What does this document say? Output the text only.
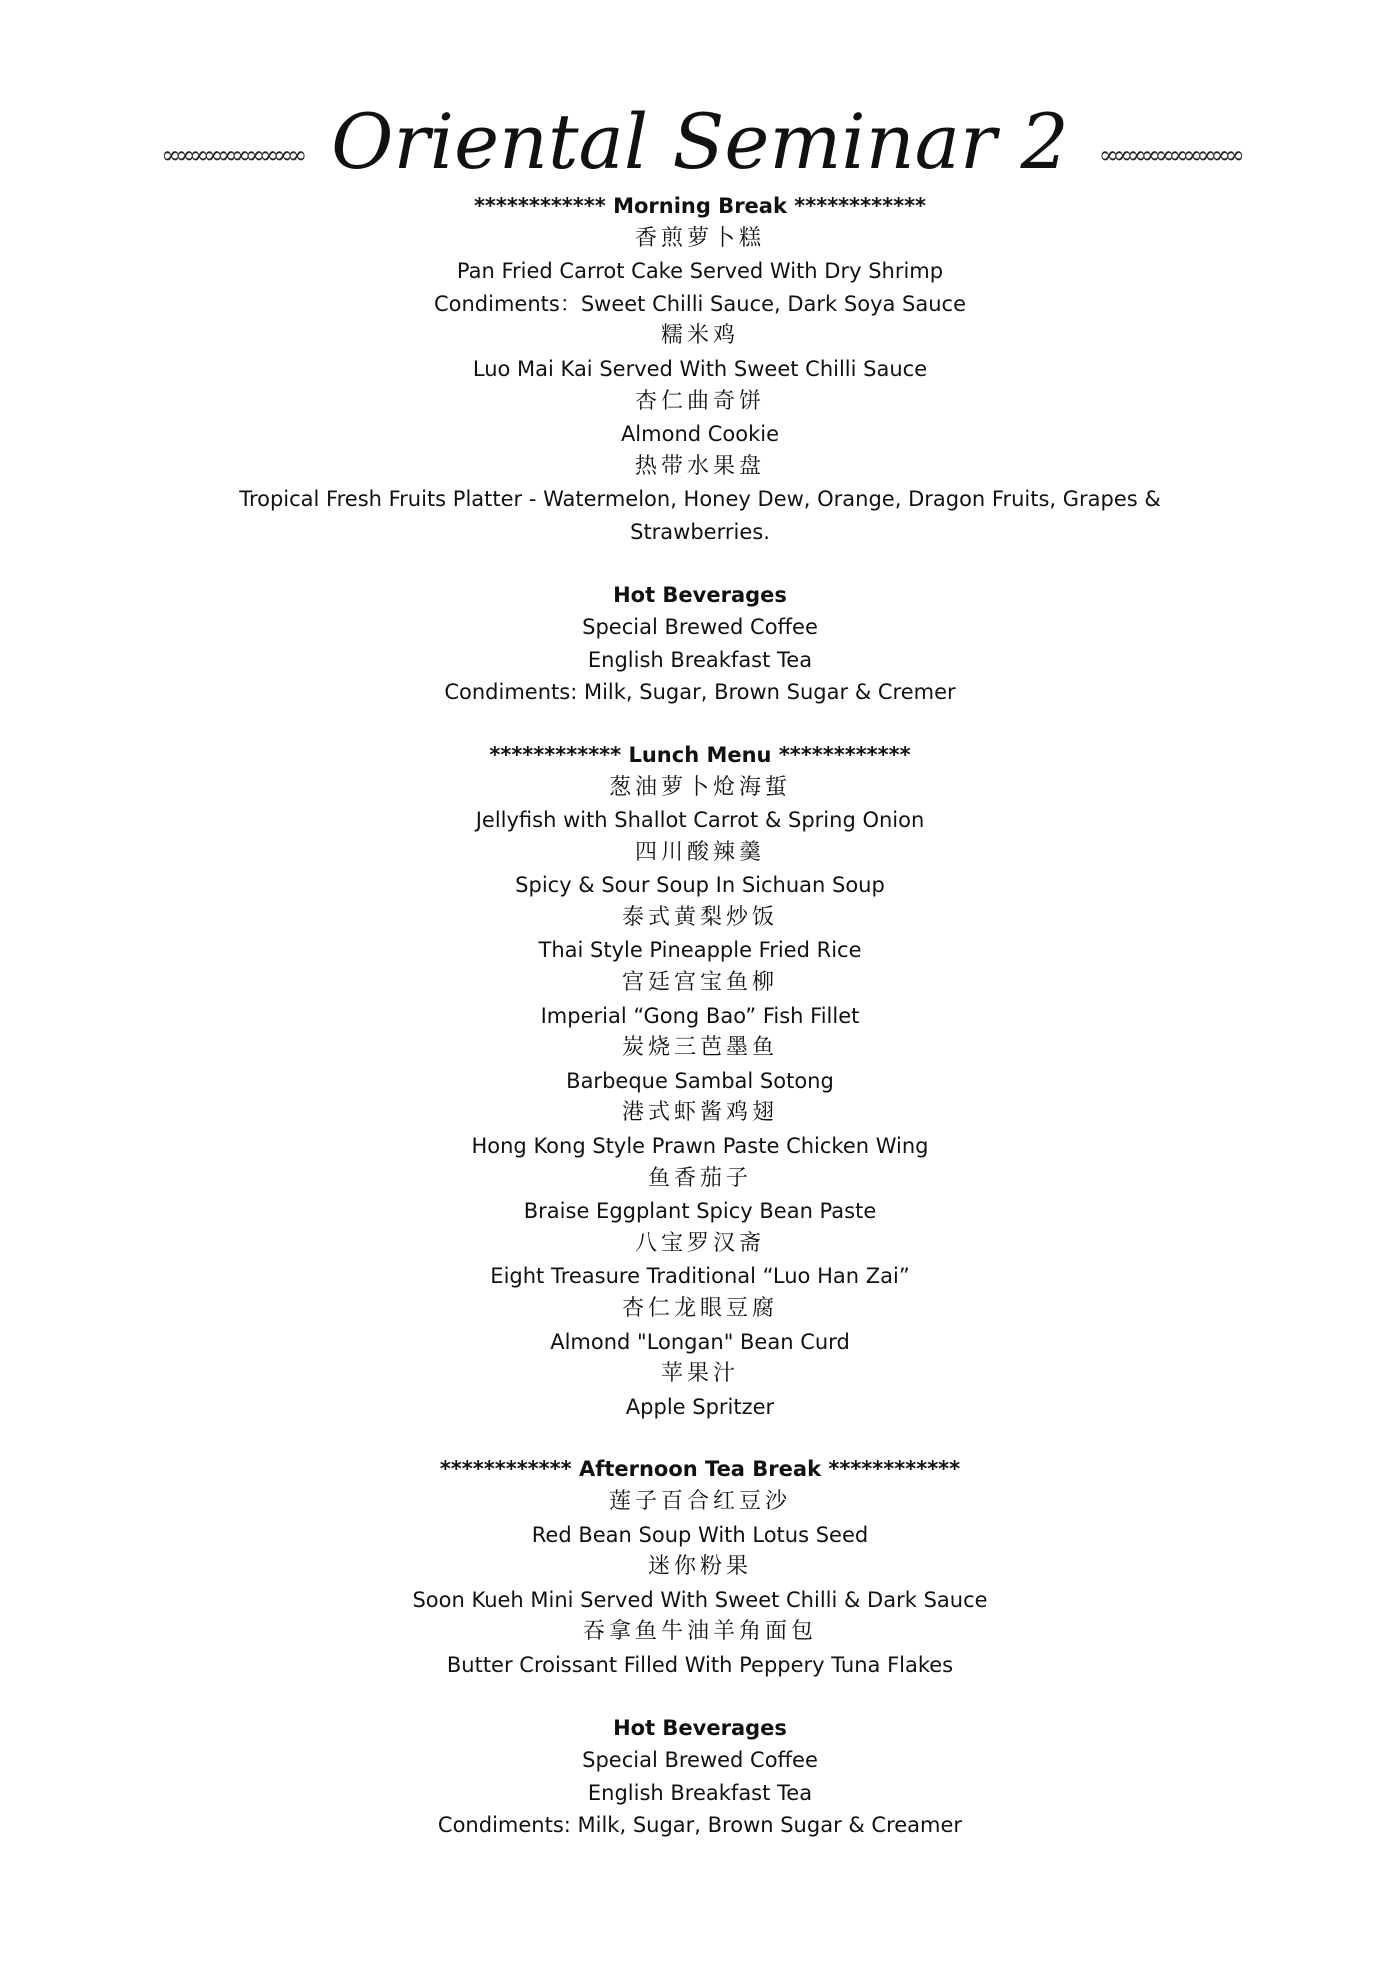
∞∞∞∞∞∞∞∞∞∞ Oriental Seminar 2 ∞∞∞∞∞∞∞∞∞∞
************ Morning Break ************
香煎萝卜糕
Pan Fried Carrot Cake Served With Dry Shrimp
Condiments：Sweet Chilli Sauce, Dark Soya Sauce
糯米鸡
Luo Mai Kai Served With Sweet Chilli Sauce
杏仁曲奇饼
Almond Cookie
热带水果盘
Tropical Fresh Fruits Platter - Watermelon, Honey Dew, Orange, Dragon Fruits, Grapes & Strawberries.
Hot Beverages
Special Brewed Coffee
English Breakfast Tea
Condiments: Milk, Sugar, Brown Sugar & Cremer
************ Lunch Menu ************
葱油萝卜炝海蜇
Jellyfish with Shallot Carrot & Spring Onion
四川酸辣羹
Spicy & Sour Soup In Sichuan Soup
泰式黄梨炒饭
Thai Style Pineapple Fried Rice
宫廷宫宝鱼柳
Imperial “Gong Bao” Fish Fillet
炭烧三芭墨鱼
Barbeque Sambal Sotong
港式虾酱鸡翅
Hong Kong Style Prawn Paste Chicken Wing
鱼香茄子
Braise Eggplant Spicy Bean Paste
八宝罗汉斋
Eight Treasure Traditional “Luo Han Zai”
杏仁龙眼豆腐
Almond "Longan" Bean Curd
苹果汁
Apple Spritzer
************ Afternoon Tea Break ************
莲子百合红豆沙
Red Bean Soup With Lotus Seed
迷你粉果
Soon Kueh Mini Served With Sweet Chilli & Dark Sauce
吞拿鱼牛油羊角面包
Butter Croissant Filled With Peppery Tuna Flakes
Hot Beverages
Special Brewed Coffee
English Breakfast Tea
Condiments: Milk, Sugar, Brown Sugar & Creamer
